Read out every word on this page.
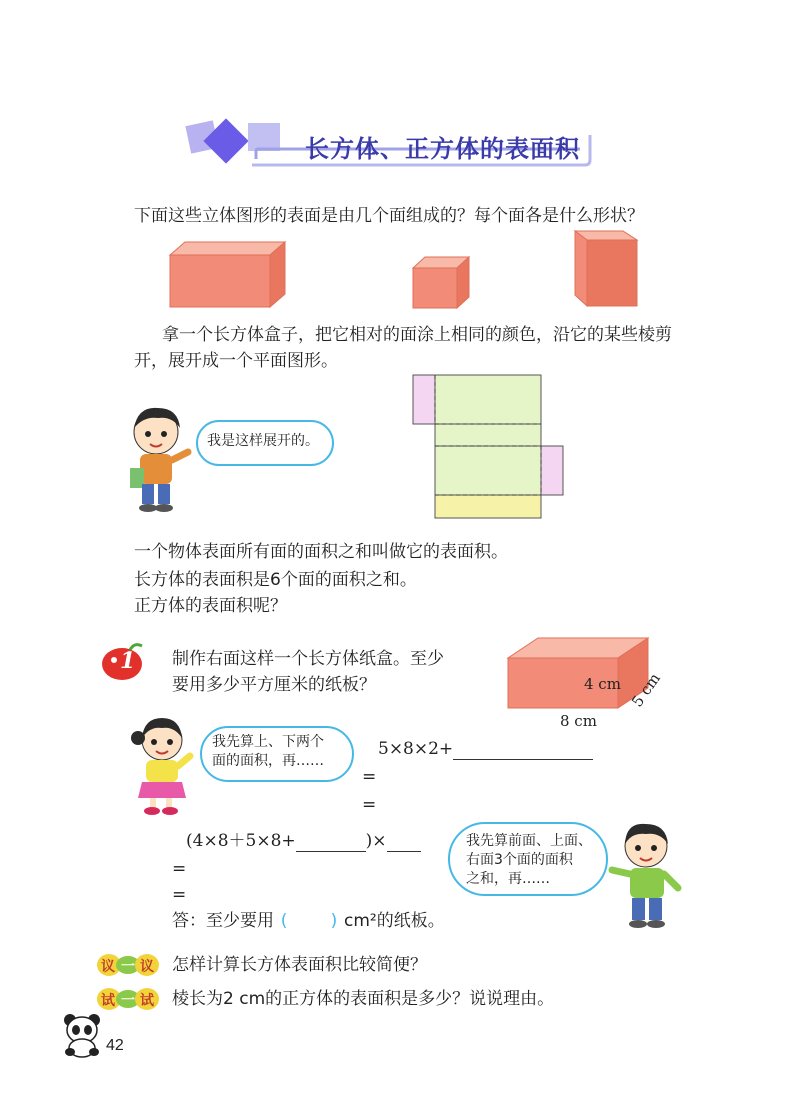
长方体、正方体的表面积
下面这些立体图形的表面是由几个面组成的？每个面各是什么形状？
拿一个长方体盒子，把它相对的面涂上相同的颜色，沿它的某些棱剪
开，展开成一个平面图形。
我是这样展开的。
一个物体表面所有面的面积之和叫做它的表面积。
长方体的表面积是6个面的面积之和。
正方体的表面积呢？
1 制作右面这样一个长方体纸盒。至少
要用多少平方厘米的纸板？	4 cm
8 cm
5 cm
我先算上、下两个
面的面积，再……
5×8×2+
=
=
(4×8＋5×8+	)×
=
=
答：至少要用 (        ) cm²的纸板。
我先算前面、上面、
右面3个面的面积
之和，再……
议 一 议 怎样计算长方体表面积比较简便？
试 一 试 棱长为2 cm的正方体的表面积是多少？说说理由。
42
